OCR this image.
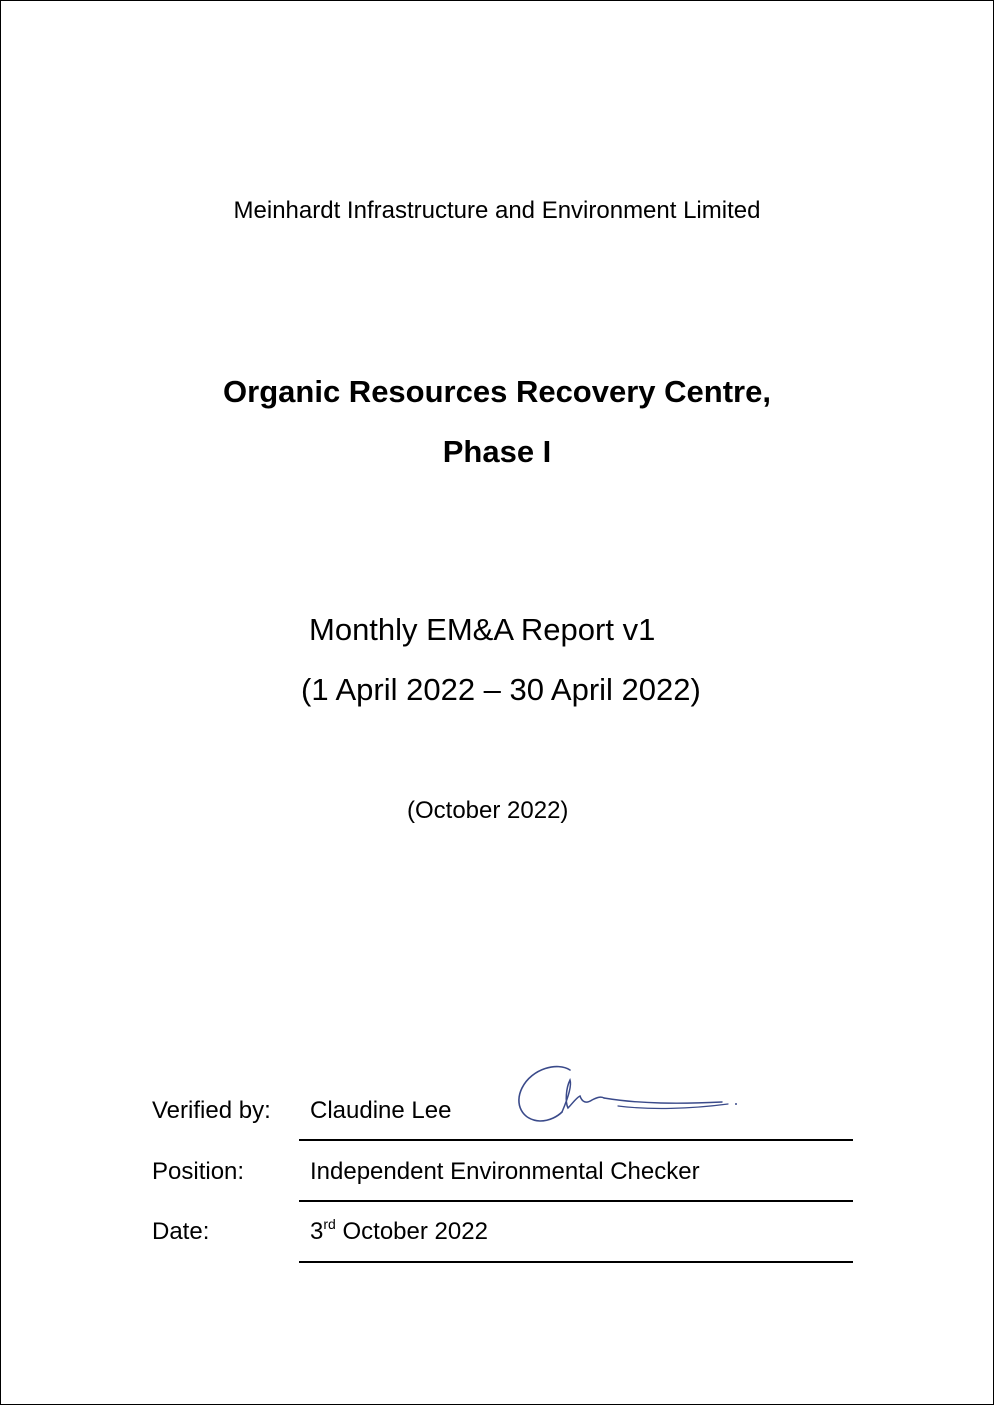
Meinhardt Infrastructure and Environment Limited
Organic Resources Recovery Centre,
Phase I
Monthly EM&A Report v1
(1 April 2022 – 30 April 2022)
(October 2022)
Verified by: Claudine Lee
Position:	Independent Environmental Checker
Date:	3rd October 2022
